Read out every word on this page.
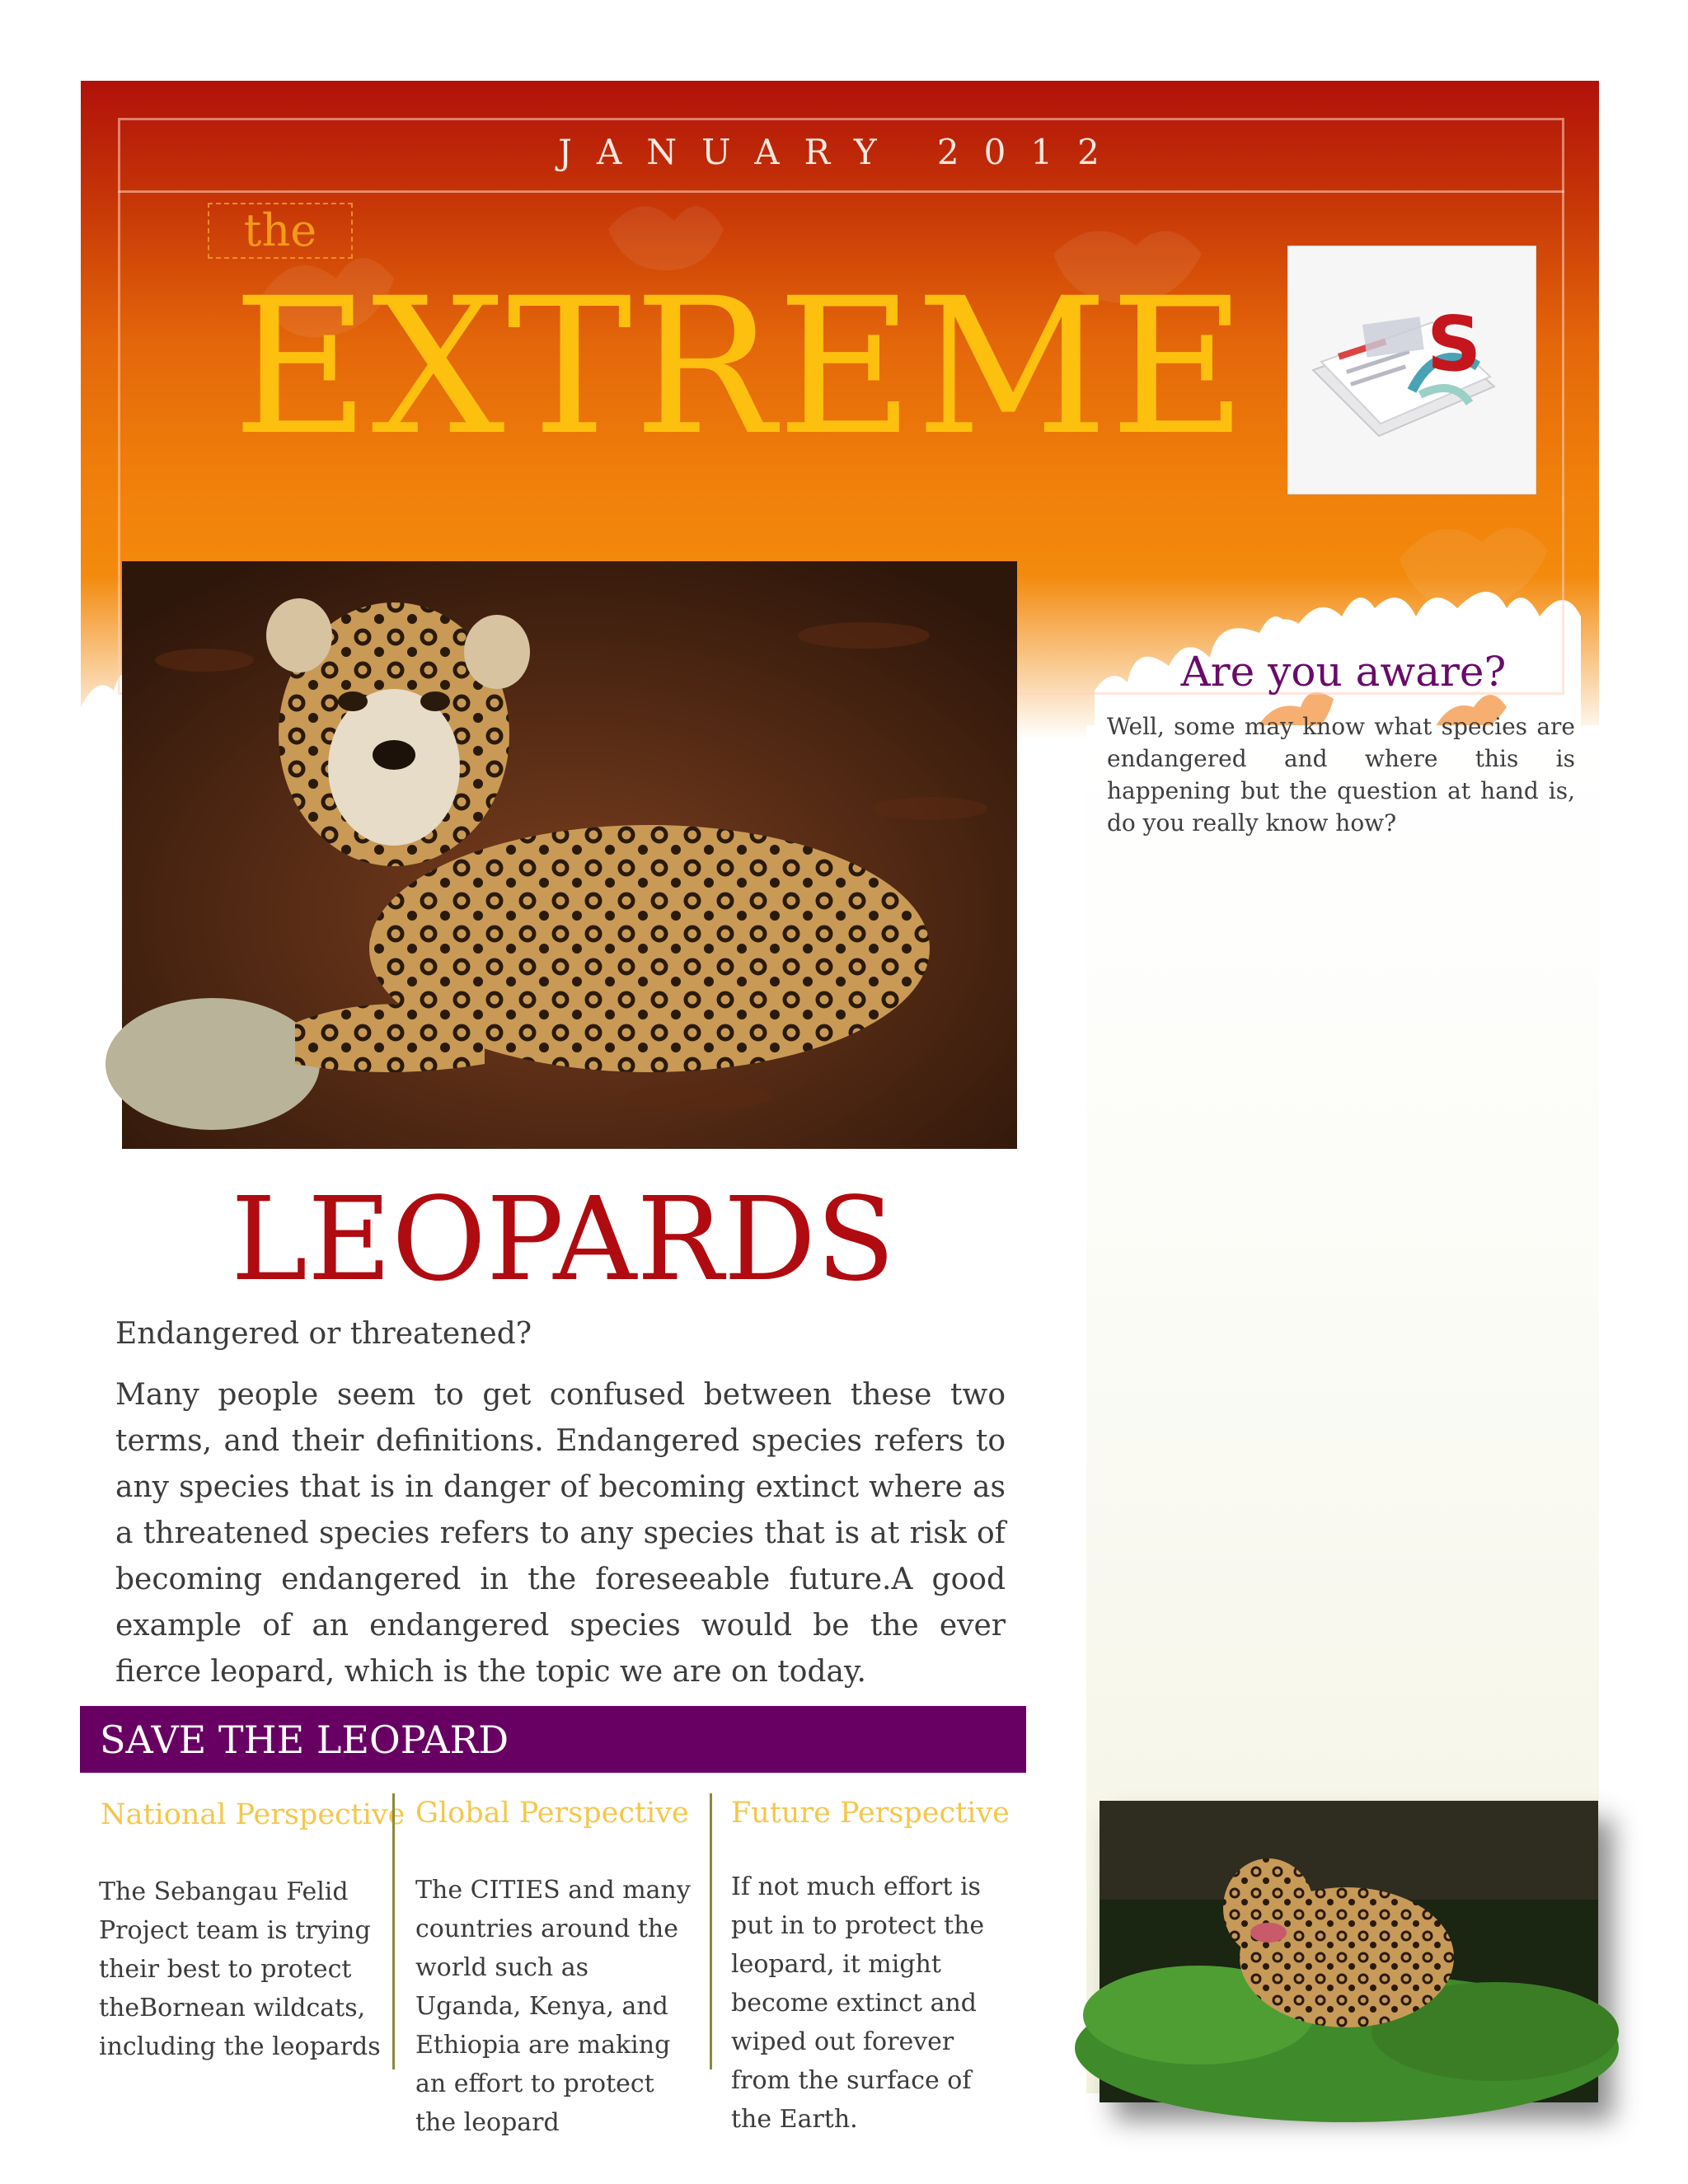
JANUARY 2012
the
EXTREME S
Are you aware?
Well, some may know what species are endangered and where this is happening but the question at hand is, do you really know how?
LEOPARDS
Endangered or threatened?
Many people seem to get confused between these two terms, and their definitions. Endangered species refers to any species that is in danger of becoming extinct where as a threatened species refers to any species that is at risk of becoming endangered in the foreseeable future.A good example of an endangered species would be the ever fierce leopard, which is the topic we are on today.
SAVE THE LEOPARD
National Perspective
The Sebangau Felid Project team is trying their best to protect theBornean wildcats, including the leopards
Global Perspective
The CITIES and many countries around the world such as Uganda, Kenya, and Ethiopia are making an effort to protect the leopard
Future Perspective
If not much effort is put in to protect the leopard, it might become extinct and wiped out forever from the surface of the Earth.
